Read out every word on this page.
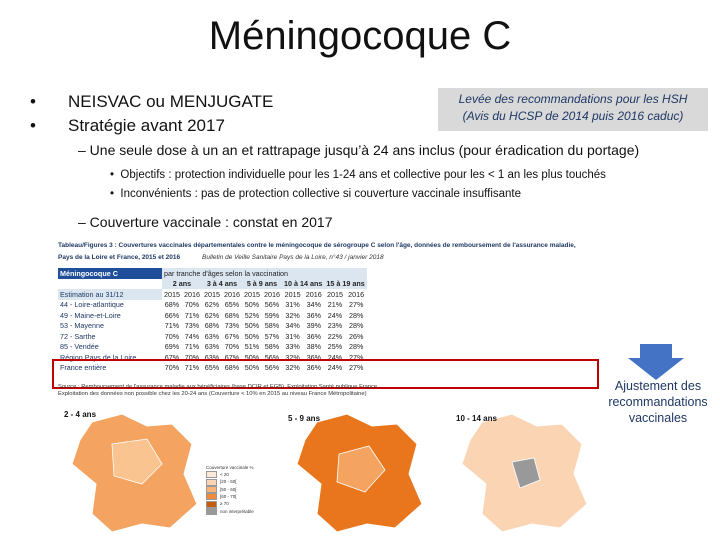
Méningocoque C
•	NEISVAC ou MENJUGATE
•	Stratégie avant 2017
Levée des recommandations pour les HSH
(Avis du HCSP de 2014 puis 2016 caduc)
– Une seule dose à un an et rattrapage jusqu’à 24 ans inclus (pour éradication du portage)
•  Objectifs : protection individuelle pour les 1-24 ans et collective pour les < 1 an les plus touchés
•  Inconvénients : pas de protection collective si couverture vaccinale insuffisante
– Couverture vaccinale : constat en 2017
Tableau/Figures 3 : Couvertures vaccinales départementales contre le méningocoque de sérogroupe C selon l'âge, données de remboursement de l'assurance maladie,
Pays de la Loire et France, 2015 et 2016	Bulletin de Veille Sanitaire Pays de la Loire, n°43 / janvier 2018
Méningocoque C	par tranche d'âges selon la vaccination									
	2 ans		3 à 4 ans		5 à 9 ans		10 à 14 ans		15 à 19 ans	
Estimation au 31/12	2015	2016	2015	2016	2015	2016	2015	2016	2015	2016
44 - Loire-atlantique	68%	70%	62%	65%	50%	56%	31%	34%	21%	27%
49 - Maine-et-Loire	66%	71%	62%	68%	52%	59%	32%	36%	24%	28%
53 - Mayenne	71%	73%	68%	73%	50%	58%	34%	39%	23%	28%
72 - Sarthe	70%	74%	63%	67%	50%	57%	31%	36%	22%	26%
85 - Vendée	69%	71%	63%	70%	51%	58%	33%	38%	25%	28%
Région Pays de la Loire	67%	70%	63%	67%	50%	56%	32%	36%	24%	27%
France entière	70%	71%	65%	68%	50%	56%	32%	36%	24%	27%
Source : Remboursement de l'assurance maladie aux bénéficiaires (base DCIR et EGB). Exploitation Santé publique France. Exploitation des données non possible chez les 20-24 ans (Couverture < 10% en 2015 au niveau France Métropolitaine)
2 - 4 ans	5 - 9 ans	10 - 14 ans
Couverture vaccinale %
< 20
[20 - 50[
[50 - 60[
[60 - 70[
≥ 70
non interprétable
Ajustement des recommandations vaccinales
